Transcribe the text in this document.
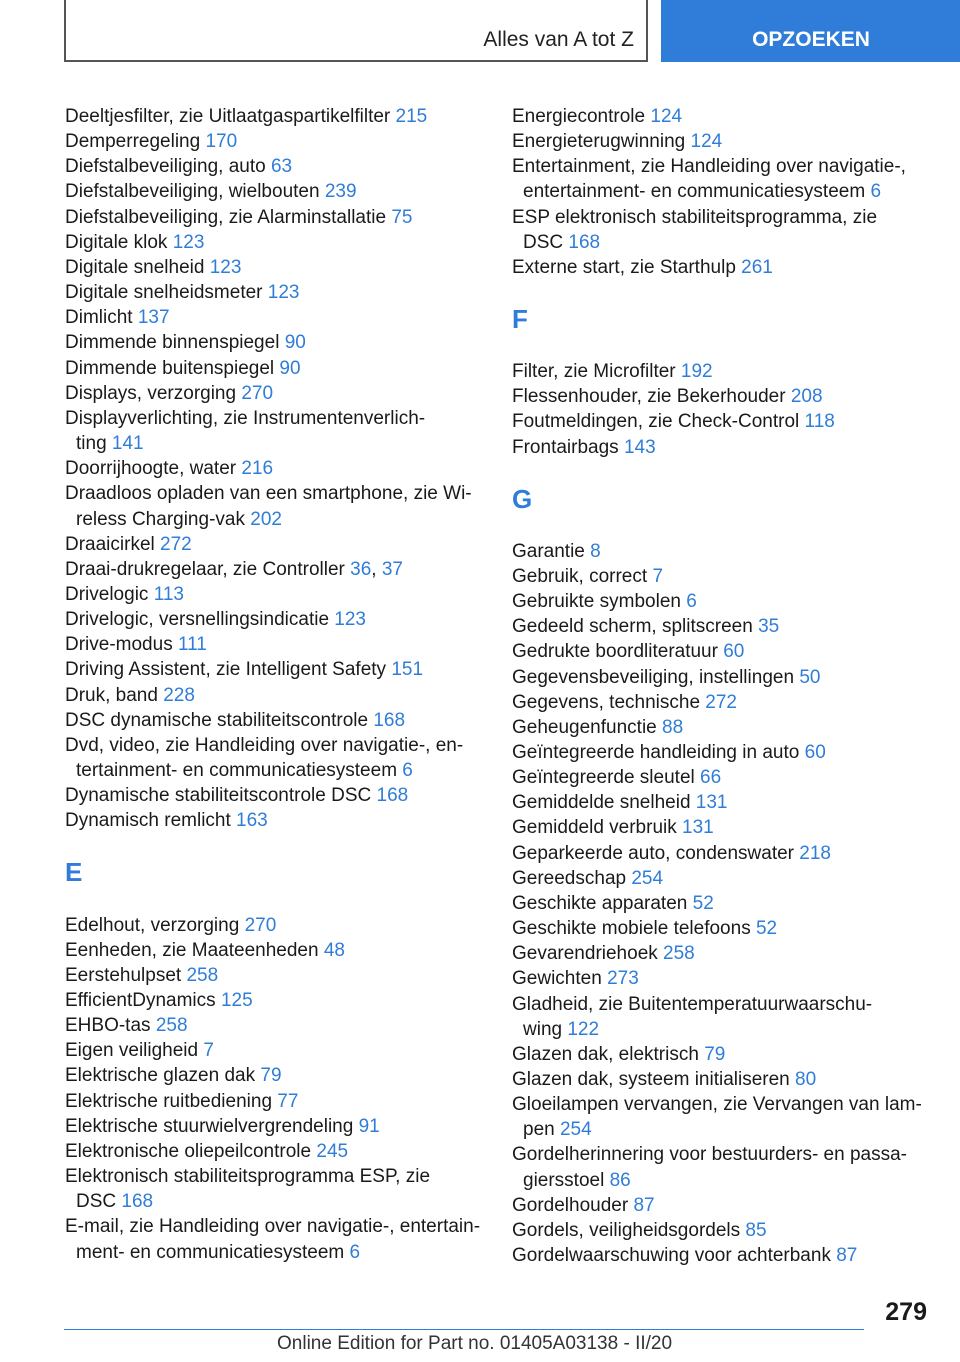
Alles van A tot Z	OPZOEKEN
Deeltjesfilter, zie Uitlaatgaspartikelfilter 215
Demperregeling 170
Diefstalbeveiliging, auto 63
Diefstalbeveiliging, wielbouten 239
Diefstalbeveiliging, zie Alarminstallatie 75
Digitale klok 123
Digitale snelheid 123
Digitale snelheidsmeter 123
Dimlicht 137
Dimmende binnenspiegel 90
Dimmende buitenspiegel 90
Displays, verzorging 270
Displayverlichting, zie Instrumentenverlich-
ting 141
Doorrijhoogte, water 216
Draadloos opladen van een smartphone, zie Wi-
reless Charging-vak 202
Draaicirkel 272
Draai-drukregelaar, zie Controller 36, 37
Drivelogic 113
Drivelogic, versnellingsindicatie 123
Drive-modus 111
Driving Assistent, zie Intelligent Safety 151
Druk, band 228
DSC dynamische stabiliteitscontrole 168
Dvd, video, zie Handleiding over navigatie-, en-
tertainment- en communicatiesysteem 6
Dynamische stabiliteitscontrole DSC 168
Dynamisch remlicht 163
E
Edelhout, verzorging 270
Eenheden, zie Maateenheden 48
Eerstehulpset 258
EfficientDynamics 125
EHBO-tas 258
Eigen veiligheid 7
Elektrische glazen dak 79
Elektrische ruitbediening 77
Elektrische stuurwielvergrendeling 91
Elektronische oliepeilcontrole 245
Elektronisch stabiliteitsprogramma ESP, zie
DSC 168
E-mail, zie Handleiding over navigatie-, entertain-
ment- en communicatiesysteem 6
Energiecontrole 124
Energieterugwinning 124
Entertainment, zie Handleiding over navigatie-,
entertainment- en communicatiesysteem 6
ESP elektronisch stabiliteitsprogramma, zie
DSC 168
Externe start, zie Starthulp 261
F
Filter, zie Microfilter 192
Flessenhouder, zie Bekerhouder 208
Foutmeldingen, zie Check-Control 118
Frontairbags 143
G
Garantie 8
Gebruik, correct 7
Gebruikte symbolen 6
Gedeeld scherm, splitscreen 35
Gedrukte boordliteratuur 60
Gegevensbeveiliging, instellingen 50
Gegevens, technische 272
Geheugenfunctie 88
Geïntegreerde handleiding in auto 60
Geïntegreerde sleutel 66
Gemiddelde snelheid 131
Gemiddeld verbruik 131
Geparkeerde auto, condenswater 218
Gereedschap 254
Geschikte apparaten 52
Geschikte mobiele telefoons 52
Gevarendriehoek 258
Gewichten 273
Gladheid, zie Buitentemperatuurwaarschu-
wing 122
Glazen dak, elektrisch 79
Glazen dak, systeem initialiseren 80
Gloeilampen vervangen, zie Vervangen van lam-
pen 254
Gordelherinnering voor bestuurders- en passa-
giersstoel 86
Gordelhouder 87
Gordels, veiligheidsgordels 85
Gordelwaarschuwing voor achterbank 87
279
Online Edition for Part no. 01405A03138 - II/20
